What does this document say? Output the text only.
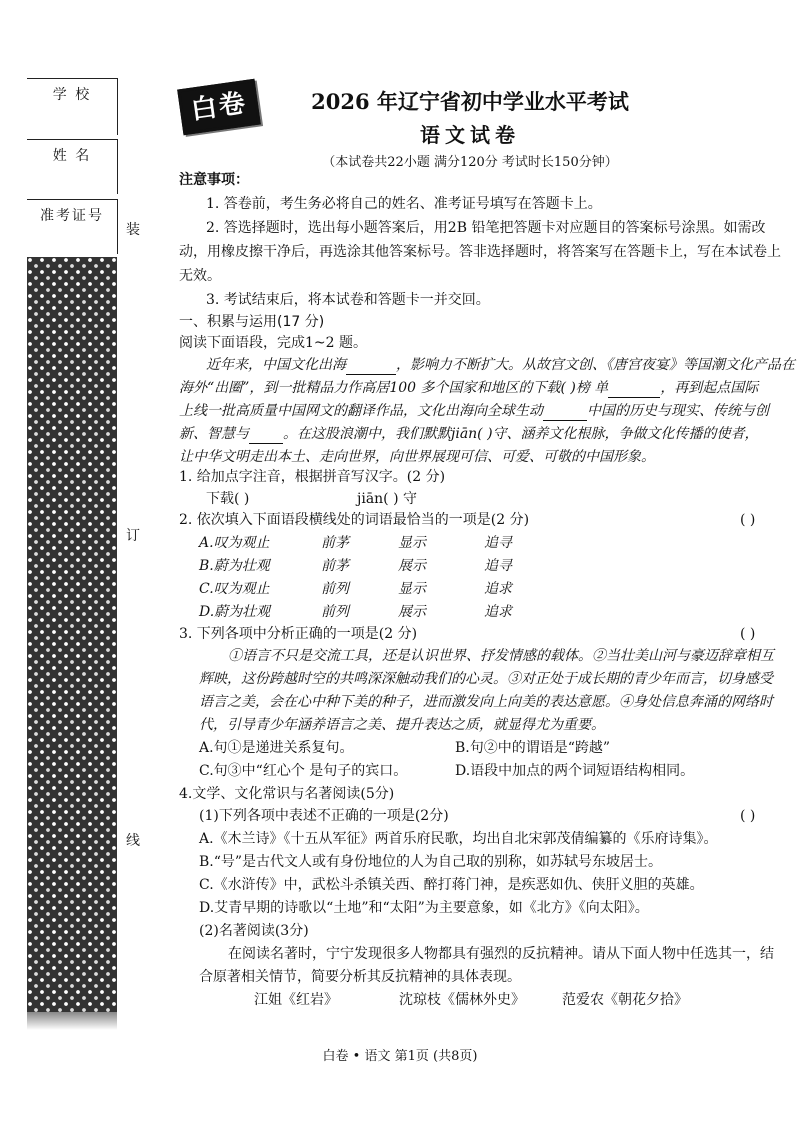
学 校
姓 名
准考证号
装
订
线
白卷	2026 年辽宁省初中学业水平考试
语文试卷
（本试卷共22小题 满分120分 考试时长150分钟）
注意事项：
1. 答卷前，考生务必将自己的姓名、准考证号填写在答题卡上。
2. 答选择题时，选出每小题答案后，用2B 铅笔把答题卡对应题目的答案标号涂黑。如需改
动，用橡皮擦干净后，再选涂其他答案标号。答非选择题时，将答案写在答题卡上，写在本试卷上
无效。
3. 考试结束后，将本试卷和答题卡一并交回。
一、积累与运用(17 分)
阅读下面语段，完成1~2 题。
近年来，中国文化出海	，影响力不断扩大。从故宫文创、《唐宫夜宴》等国潮文化产品在
海外“出圈”，到一批精品力作高居100 多个国家和地区的下载( )榜 单	，再到起点国际
上线一批高质量中国网文的翻译作品，文化出海向全球生动	中国的历史与现实、传统与创
新、智慧与 。在这股浪潮中，我们默默jiān( )守、涵养文化根脉，争做文化传播的使者，
让中华文明走出本土、走向世界，向世界展现可信、可爱、可敬的中国形象。
1. 给加点字注音，根据拼音写汉字。(2 分)
下载( )	jiān( ) 守
2. 依次填入下面语段横线处的词语最恰当的一项是(2 分)	( )
A.叹为观止	前茅	显示	追寻
B.蔚为壮观	前茅	展示	追寻
C.叹为观止	前列	显示	追求
D.蔚为壮观	前列	展示	追求
3. 下列各项中分析正确的一项是(2 分)	( )
①语言不只是交流工具，还是认识世界、抒发情感的载体。②当壮美山河与豪迈辞章相互
辉映，这份跨越时空的共鸣深深触动我们的心灵。③对正处于成长期的青少年而言，切身感受
语言之美，会在心中种下美的种子，进而激发向上向美的表达意愿。④身处信息奔涌的网络时
代，引导青少年涵养语言之美、提升表达之质，就显得尤为重要。
A.句①是递进关系复句。	B.句②中的谓语是“跨越”
C.句③中“红心个 是句子的宾口。	D.语段中加点的两个词短语结构相同。
4.文学、文化常识与名著阅读(5分)
(1)下列各项中表述不正确的一项是(2分)	( )
A.《木兰诗》《十五从军征》两首乐府民歌，均出自北宋郭茂倩编纂的《乐府诗集》。
B.“号”是古代文人或有身份地位的人为自己取的别称，如苏轼号东坡居士。
C.《水浒传》中，武松斗杀镇关西、醉打蒋门神，是疾恶如仇、侠肝义胆的英雄。
D.艾青早期的诗歌以“土地”和“太阳”为主要意象，如《北方》《向太阳》。
(2)名著阅读(3分)
在阅读名著时，宁宁发现很多人物都具有强烈的反抗精神。请从下面人物中任选其一，结
合原著相关情节，简要分析其反抗精神的具体表现。
江姐《红岩》	沈琼枝《儒林外史》	范爱农《朝花夕拾》
白卷 • 语文 第1页 (共8页)
